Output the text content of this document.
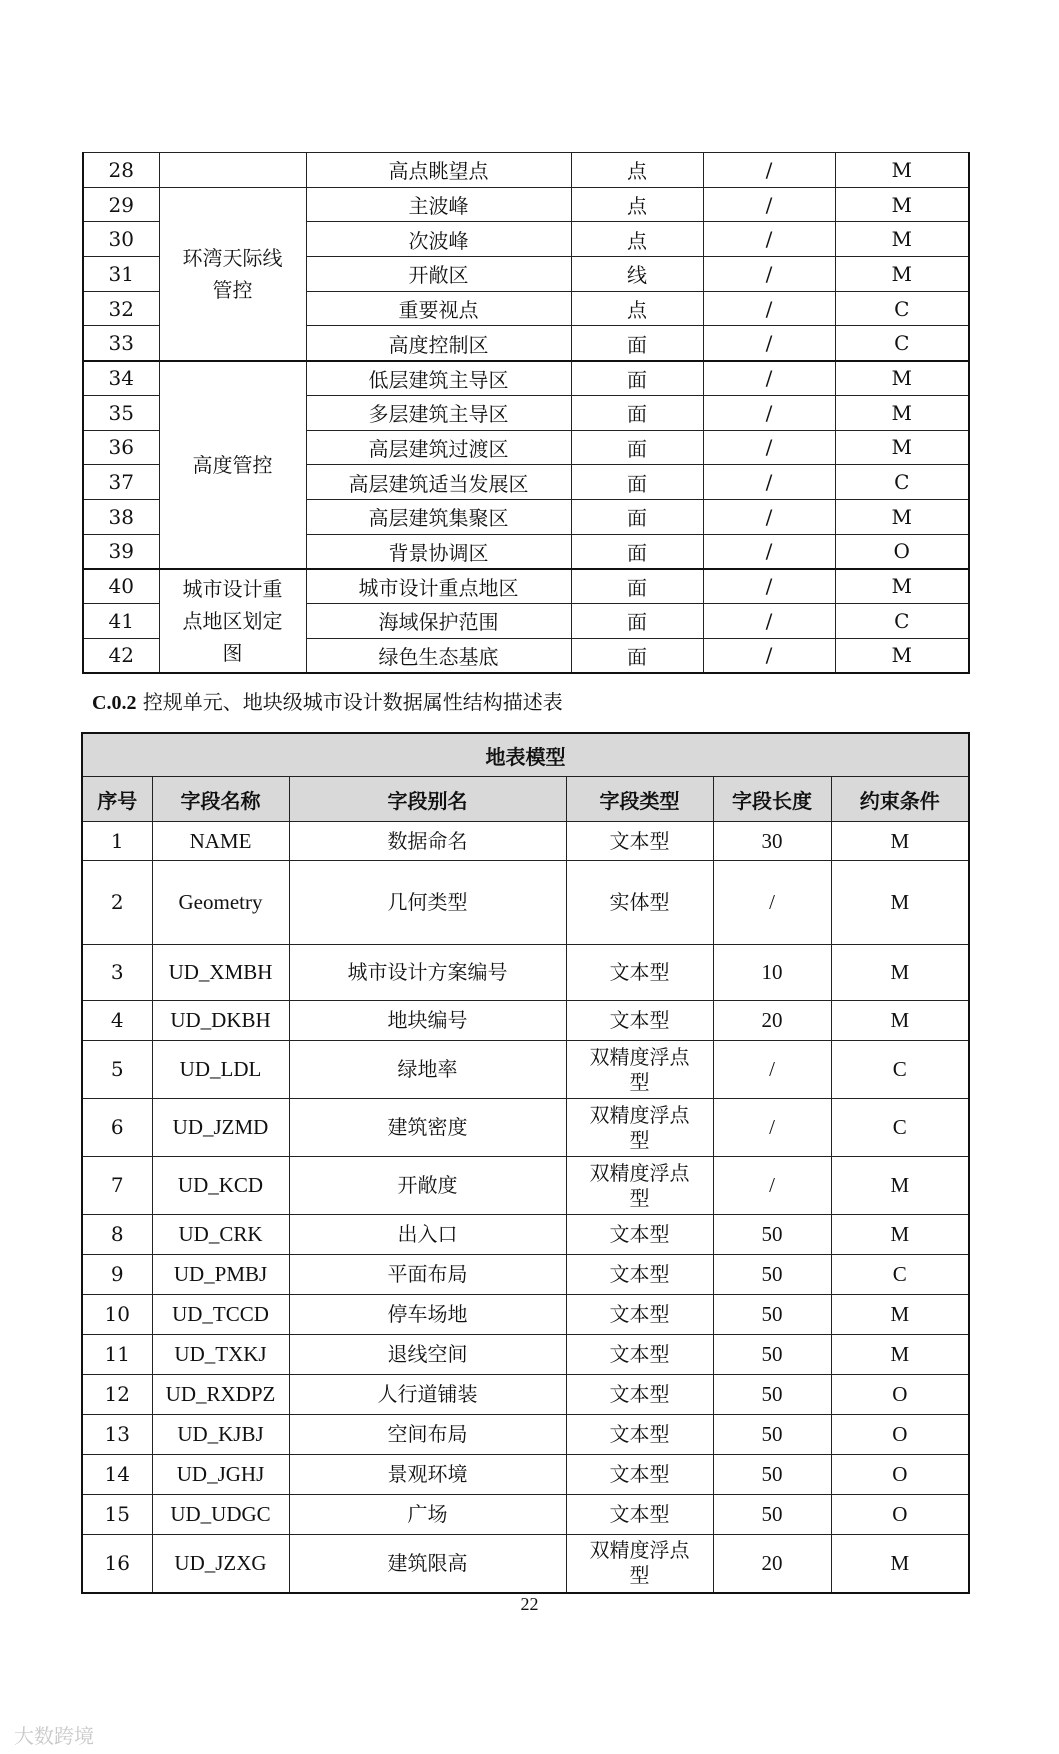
28		高点眺望点	点	/	M
29	环湾天际线管控	主波峰	点	/	M
30		次波峰	点	/	M
31		开敞区	线	/	M
32		重要视点	点	/	C
33		高度控制区	面	/	C
34	高度管控	低层建筑主导区	面	/	M
35		多层建筑主导区	面	/	M
36		高层建筑过渡区	面	/	M
37		高层建筑适当发展区	面	/	C
38		高层建筑集聚区	面	/	M
39		背景协调区	面	/	O
40	城市设计重点地区划定图	城市设计重点地区	面	/	M
41		海域保护范围	面	/	C
42		绿色生态基底	面	/	M
C.0.2 控规单元、地块级城市设计数据属性结构描述表
地表模型					
序号	字段名称	字段别名	字段类型	字段长度	约束条件
1	NAME	数据命名	文本型	30	M
2	Geometry	几何类型	实体型	/	M
3	UD_XMBH	城市设计方案编号	文本型	10	M
4	UD_DKBH	地块编号	文本型	20	M
5	UD_LDL	绿地率	双精度浮点型	/	C
6	UD_JZMD	建筑密度	双精度浮点型	/	C
7	UD_KCD	开敞度	双精度浮点型	/	M
8	UD_CRK	出入口	文本型	50	M
9	UD_PMBJ	平面布局	文本型	50	C
10	UD_TCCD	停车场地	文本型	50	M
11	UD_TXKJ	退线空间	文本型	50	M
12	UD_RXDPZ	人行道铺装	文本型	50	O
13	UD_KJBJ	空间布局	文本型	50	O
14	UD_JGHJ	景观环境	文本型	50	O
15	UD_UDGC	广场	文本型	50	O
16	UD_JZXG	建筑限高	双精度浮点型	20	M
22
大数跨境
